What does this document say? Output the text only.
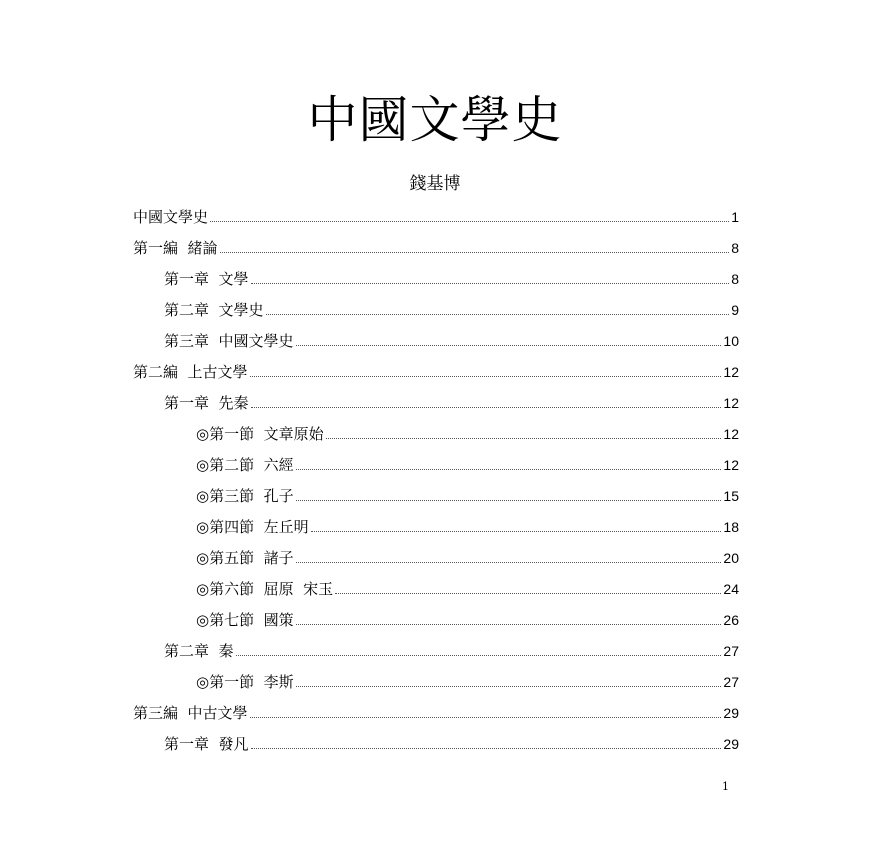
中國文學史
錢基博
中國文學史	1
第一編  緒論	8
第一章  文學	8
第二章  文學史	9
第三章  中國文學史	10
第二編  上古文學	12
第一章  先秦	12
◎第一節  文章原始	12
◎第二節  六經	12
◎第三節  孔子	15
◎第四節  左丘明	18
◎第五節  諸子	20
◎第六節  屈原  宋玉	24
◎第七節  國策	26
第二章  秦	27
◎第一節  李斯	27
第三編  中古文學	29
第一章  發凡	29
1
